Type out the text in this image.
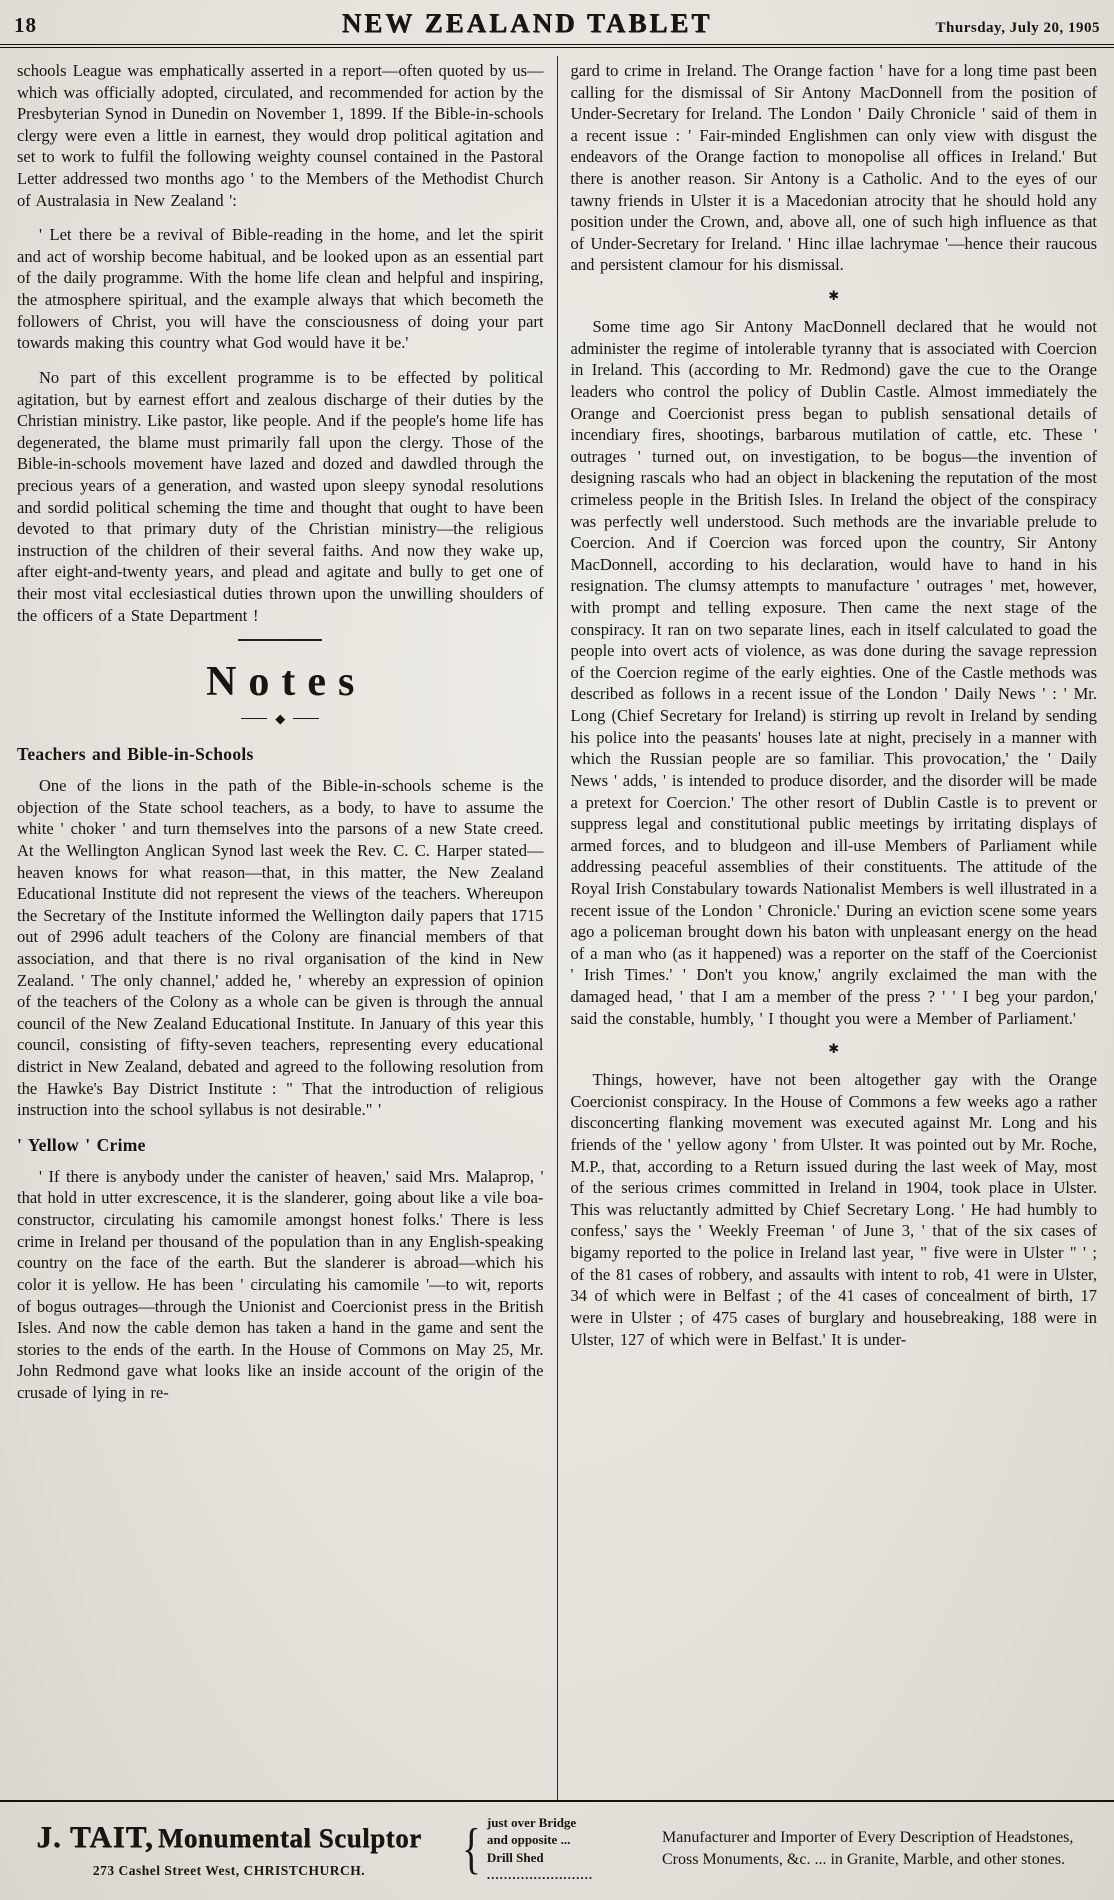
18	NEW ZEALAND TABLET	Thursday, July 20, 1905

schools League was emphatically asserted in a report—often quoted by us—which was officially adopted, circulated, and recommended for action by the Presbyterian Synod in Dunedin on November 1, 1899. If the Bible-in-schools clergy were even a little in earnest, they would drop political agitation and set to work to fulfil the following weighty counsel contained in the Pastoral Letter addressed two months ago ' to the Members of the Methodist Church of Australasia in New Zealand ':

' Let there be a revival of Bible-reading in the home, and let the spirit and act of worship become habitual, and be looked upon as an essential part of the daily programme. With the home life clean and helpful and inspiring, the atmosphere spiritual, and the example always that which becometh the followers of Christ, you will have the consciousness of doing your part towards making this country what God would have it be.'

No part of this excellent programme is to be effected by political agitation, but by earnest effort and zealous discharge of their duties by the Christian ministry. Like pastor, like people. And if the people's home life has degenerated, the blame must primarily fall upon the clergy. Those of the Bible-in-schools movement have lazed and dozed and dawdled through the precious years of a generation, and wasted upon sleepy synodal resolutions and sordid political scheming the time and thought that ought to have been devoted to that primary duty of the Christian ministry—the religious instruction of the children of their several faiths. And now they wake up, after eight-and-twenty years, and plead and agitate and bully to get one of their most vital ecclesiastical duties thrown upon the unwilling shoulders of the officers of a State Department !

Notes
◆
Teachers and Bible-in-Schools

One of the lions in the path of the Bible-in-schools scheme is the objection of the State school teachers, as a body, to have to assume the white ' choker ' and turn themselves into the parsons of a new State creed. At the Wellington Anglican Synod last week the Rev. C. C. Harper stated—heaven knows for what reason—that, in this matter, the New Zealand Educational Institute did not represent the views of the teachers. Whereupon the Secretary of the Institute informed the Wellington daily papers that 1715 out of 2996 adult teachers of the Colony are financial members of that association, and that there is no rival organisation of the kind in New Zealand. ' The only channel,' added he, ' whereby an expression of opinion of the teachers of the Colony as a whole can be given is through the annual council of the New Zealand Educational Institute. In January of this year this council, consisting of fifty-seven teachers, representing every educational district in New Zealand, debated and agreed to the following resolution from the Hawke's Bay District Institute : " That the introduction of religious instruction into the school syllabus is not desirable." '

' Yellow ' Crime

' If there is anybody under the canister of heaven,' said Mrs. Malaprop, ' that hold in utter excrescence, it is the slanderer, going about like a vile boa-constructor, circulating his camomile amongst honest folks.' There is less crime in Ireland per thousand of the population than in any English-speaking country on the face of the earth. But the slanderer is abroad—which his color it is yellow. He has been ' circulating his camomile '—to wit, reports of bogus outrages—through the Unionist and Coercionist press in the British Isles. And now the cable demon has taken a hand in the game and sent the stories to the ends of the earth. In the House of Commons on May 25, Mr. John Redmond gave what looks like an inside account of the origin of the crusade of lying in re-

gard to crime in Ireland. The Orange faction ' have for a long time past been calling for the dismissal of Sir Antony MacDonnell from the position of Under-Secretary for Ireland. The London ' Daily Chronicle ' said of them in a recent issue : ' Fair-minded Englishmen can only view with disgust the endeavors of the Orange faction to monopolise all offices in Ireland.' But there is another reason. Sir Antony is a Catholic. And to the eyes of our tawny friends in Ulster it is a Macedonian atrocity that he should hold any position under the Crown, and, above all, one of such high influence as that of Under-Secretary for Ireland. ' Hinc illae lachrymae '—hence their raucous and persistent clamour for his dismissal.

✱

Some time ago Sir Antony MacDonnell declared that he would not administer the regime of intolerable tyranny that is associated with Coercion in Ireland. This (according to Mr. Redmond) gave the cue to the Orange leaders who control the policy of Dublin Castle. Almost immediately the Orange and Coercionist press began to publish sensational details of incendiary fires, shootings, barbarous mutilation of cattle, etc. These ' outrages ' turned out, on investigation, to be bogus—the invention of designing rascals who had an object in blackening the reputation of the most crimeless people in the British Isles. In Ireland the object of the conspiracy was perfectly well understood. Such methods are the invariable prelude to Coercion. And if Coercion was forced upon the country, Sir Antony MacDonnell, according to his declaration, would have to hand in his resignation. The clumsy attempts to manufacture ' outrages ' met, however, with prompt and telling exposure. Then came the next stage of the conspiracy. It ran on two separate lines, each in itself calculated to goad the people into overt acts of violence, as was done during the savage repression of the Coercion regime of the early eighties. One of the Castle methods was described as follows in a recent issue of the London ' Daily News ' : ' Mr. Long (Chief Secretary for Ireland) is stirring up revolt in Ireland by sending his police into the peasants' houses late at night, precisely in a manner with which the Russian people are so familiar. This provocation,' the ' Daily News ' adds, ' is intended to produce disorder, and the disorder will be made a pretext for Coercion.' The other resort of Dublin Castle is to prevent or suppress legal and constitutional public meetings by irritating displays of armed forces, and to bludgeon and ill-use Members of Parliament while addressing peaceful assemblies of their constituents. The attitude of the Royal Irish Constabulary towards Nationalist Members is well illustrated in a recent issue of the London ' Chronicle.' During an eviction scene some years ago a policeman brought down his baton with unpleasant energy on the head of a man who (as it happened) was a reporter on the staff of the Coercionist ' Irish Times.' ' Don't you know,' angrily exclaimed the man with the damaged head, ' that I am a member of the press ? ' ' I beg your pardon,' said the constable, humbly, ' I thought you were a Member of Parliament.'

✱

Things, however, have not been altogether gay with the Orange Coercionist conspiracy. In the House of Commons a few weeks ago a rather disconcerting flanking movement was executed against Mr. Long and his friends of the ' yellow agony ' from Ulster. It was pointed out by Mr. Roche, M.P., that, according to a Return issued during the last week of May, most of the serious crimes committed in Ireland in 1904, took place in Ulster. This was reluctantly admitted by Chief Secretary Long. ' He had humbly to confess,' says the ' Weekly Freeman ' of June 3, ' that of the six cases of bigamy reported to the police in Ireland last year, " five were in Ulster " ' ; of the 81 cases of robbery, and assaults with intent to rob, 41 were in Ulster, 34 of which were in Belfast ; of the 41 cases of concealment of birth, 17 were in Ulster ; of 475 cases of burglary and housebreaking, 188 were in Ulster, 127 of which were in Belfast.' It is under-

J. TAIT, Monumental Sculptor
273 Cashel Street West, CHRISTCHURCH.	{ just over Bridge
and opposite ...
Drill Shed
.........................
Manufacturer and Importer of Every Description of Headstones, Cross Monuments, &c. ... in Granite, Marble, and other stones.
